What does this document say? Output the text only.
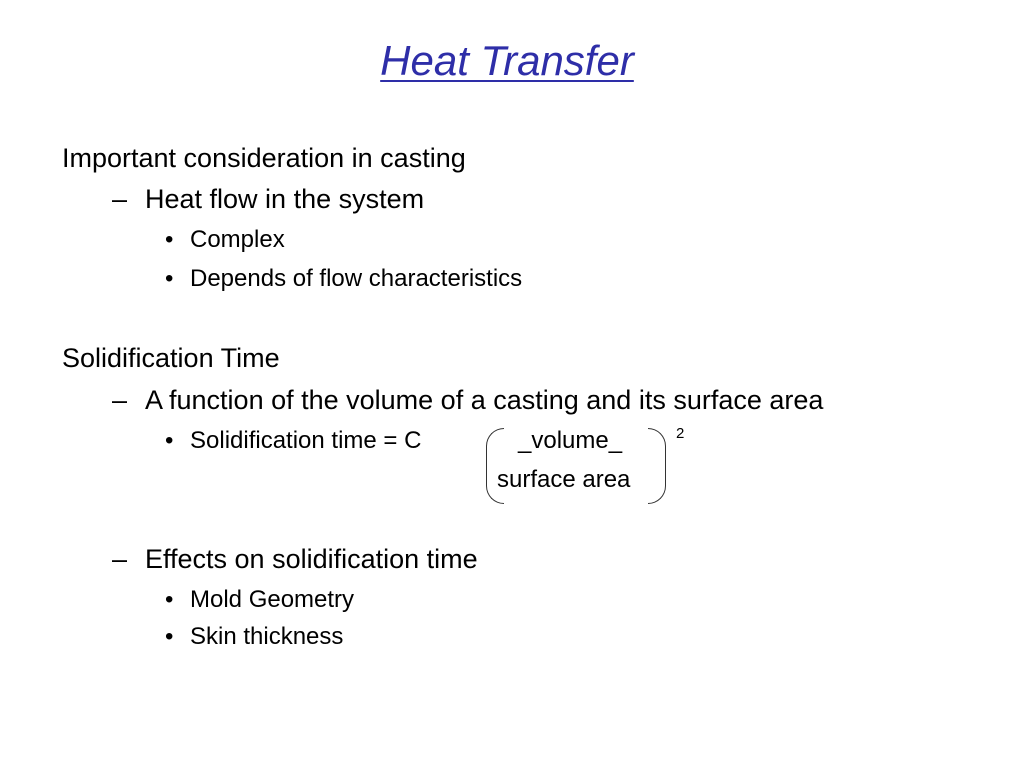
Heat Transfer
Important consideration in casting
– Heat flow in the system
• Complex
• Depends of flow characteristics
Solidification Time
– A function of the volume of a casting and its surface area
• Solidification time = C	_volume_
surface area
2
– Effects on solidification time
• Mold Geometry
• Skin thickness
